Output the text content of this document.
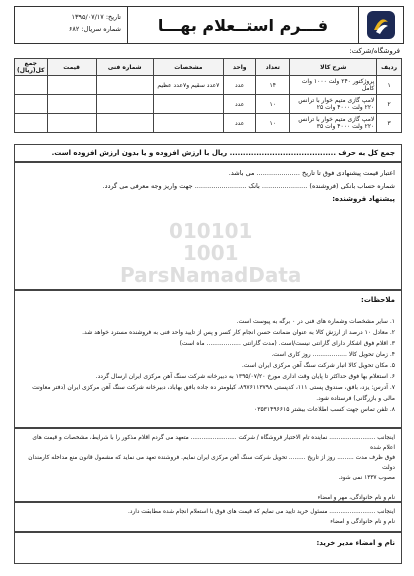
فـــرم استــعلام بهـــا
تاریخ: ۱۳۹۵/۰۷/۱۷
شماره سریال: ۶۸۲
فروشگاه/شرکت:
ردیف	شرح کالا	تعداد	واحد	مشخصات	شماره فنی	قیمت	جمع کل(ریال)
۱	پروژکتور ۲۴۰ ولت ۱۰۰۰ وات کامل	۱۴	عدد	۷عدد سقیم و۷عدد عظیم			
۲	لامپ گازی متیم خوار با ترانس ۲۲۰ ولت ۴۰۰۰ وات ۲۵	۱۰	عدد				
۳	لامپ گازی متیم خوار با ترانس ۲۲۰ ولت ۴۰۰۰ وات ۳۵	۱۰	عدد				
جمع کل به حرف ........................................ ریال با ارزش افزوده و یا بدون ارزش افزوده است.
اعتبار قیمت پیشنهادی فوق تا تاریخ ..................... می باشد.
شماره حساب بانکی (فروشنده) ...................... بانک ......................... جهت واریز وجه معرفی می گردد.
پیشنهاد فروشنده:

ملاحظات:

۱. سایر مشخصات وشماره های فنی در ۰ برگه به پیوست است.

۲. معادل ۱۰ درصد از ارزش کالا به عنوان ضمانت حسن انجام کار کسر و پس از تایید واحد فنی به فروشنده مسترد خواهد شد.

۳. اقلام فوق اشکار دارای گارانتی نیست/است. (مدت گارانتی .................. ماه است)

۴. زمان تحویل کالا .................. روز کاری است.

۵. مکان تحویل کالا انبار شرکت سنگ آهن مرکزی ایران است.

۶. استعلام بها فوق حداکثر تا پایان وقت اداری مورخ ۱۳۹۵/۰۷/۲۰ به دبیرخانه شرکت سنگ آهن مرکزی ایران ارسال گردد.

۷. آدرس: یزد، بافق، صندوق پستی ۱۱۱، کدپستی ۸۹۷۶۱۱۳۷۹۸، کیلومتر ده جاده بافق بهاباد، دبیرخانه شرکت سنگ آهن مرکزی ایران (دفتر معاونت مالی و بازرگانی) فرستاده شود.

۸. تلفن تماس جهت کسب اطلاعات بیشتر ۰۳۵۳۱۴۹۶۶۱۵

اینجانب ......................... نماینده تام الاختیار فروشگاه / شرکت ......................... متعهد می گردم اقلام مذکور را با شرایط، مشخصات و قیمت های اعلام شده

فوق ظرف مدت ......... روز از تاریخ ......... تحویل شرکت سنگ آهن مرکزی ایران نمایم. فروشنده تعهد می نماید که مشمول قانون منع مداخله کارمندان دولت

مصوب ۱۳۳۷ نمی شود.

نام و نام خانوادگی، مهر و امضاء

اینجانب ......................... مسئول خرید تایید می نمایم که قیمت های فوق با استعلام انجام شده مطابقت دارد.

نام و نام خانوادگی و امضاء

نام و امضاء مدیر خرید:
010101
1001
ParsNamadData
